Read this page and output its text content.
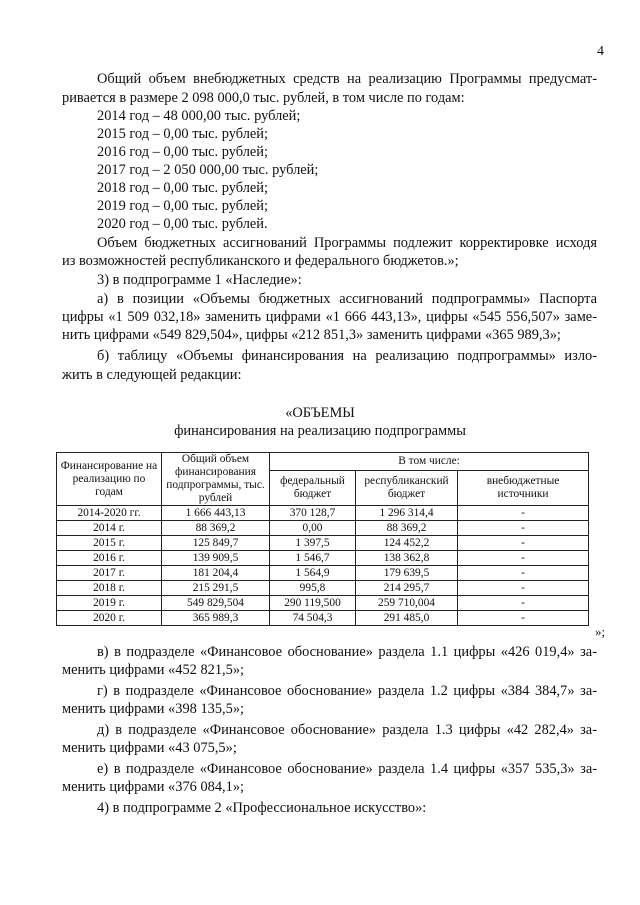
4
Общий объем внебюджетных средств на реализацию Программы предусмат-
ривается в размере 2 098 000,0 тыс. рублей, в том числе по годам:
2014 год – 48 000,00 тыс. рублей;
2015 год – 0,00 тыс. рублей;
2016 год – 0,00 тыс. рублей;
2017 год – 2 050 000,00 тыс. рублей;
2018 год – 0,00 тыс. рублей;
2019 год – 0,00 тыс. рублей;
2020 год – 0,00 тыс. рублей.
Объем бюджетных ассигнований Программы подлежит корректировке исходя
из возможностей республиканского и федерального бюджетов.»;
3) в подпрограмме 1 «Наследие»:
а) в позиции «Объемы бюджетных ассигнований подпрограммы» Паспорта
цифры «1 509 032,18» заменить цифрами «1 666 443,13», цифры «545 556,507» заме-
нить цифрами «549 829,504», цифры «212 851,3» заменить цифрами «365 989,3»;
б) таблицу «Объемы финансирования на реализацию подпрограммы» изло-
жить в следующей редакции:
«ОБЪЕМЫ
финансирования на реализацию подпрограммы
Финансирование на реализацию по годам	Общий объем финансирования подпрограммы, тыс. рублей	В том числе:		
		федеральный бюджет	республиканский бюджет	внебюджетные источники
2014-2020 гг.	1 666 443,13	370 128,7	1 296 314,4	-
2014 г.	88 369,2	0,00	88 369,2	-
2015 г.	125 849,7	1 397,5	124 452,2	-
2016 г.	139 909,5	1 546,7	138 362,8	-
2017 г.	181 204,4	1 564,9	179 639,5	-
2018 г.	215 291,5	995,8	214 295,7	-
2019 г.	549 829,504	290 119,500	259 710,004	-
2020 г.	365 989,3	74 504,3	291 485,0	-
»;
в) в подразделе «Финансовое обоснование» раздела 1.1 цифры «426 019,4» за-
менить цифрами «452 821,5»;
г) в подразделе «Финансовое обоснование» раздела 1.2 цифры «384 384,7» за-
менить цифрами «398 135,5»;
д) в подразделе «Финансовое обоснование» раздела 1.3 цифры «42 282,4» за-
менить цифрами «43 075,5»;
е) в подразделе «Финансовое обоснование» раздела 1.4 цифры «357 535,3» за-
менить цифрами «376 084,1»;
4) в подпрограмме 2 «Профессиональное искусство»:
